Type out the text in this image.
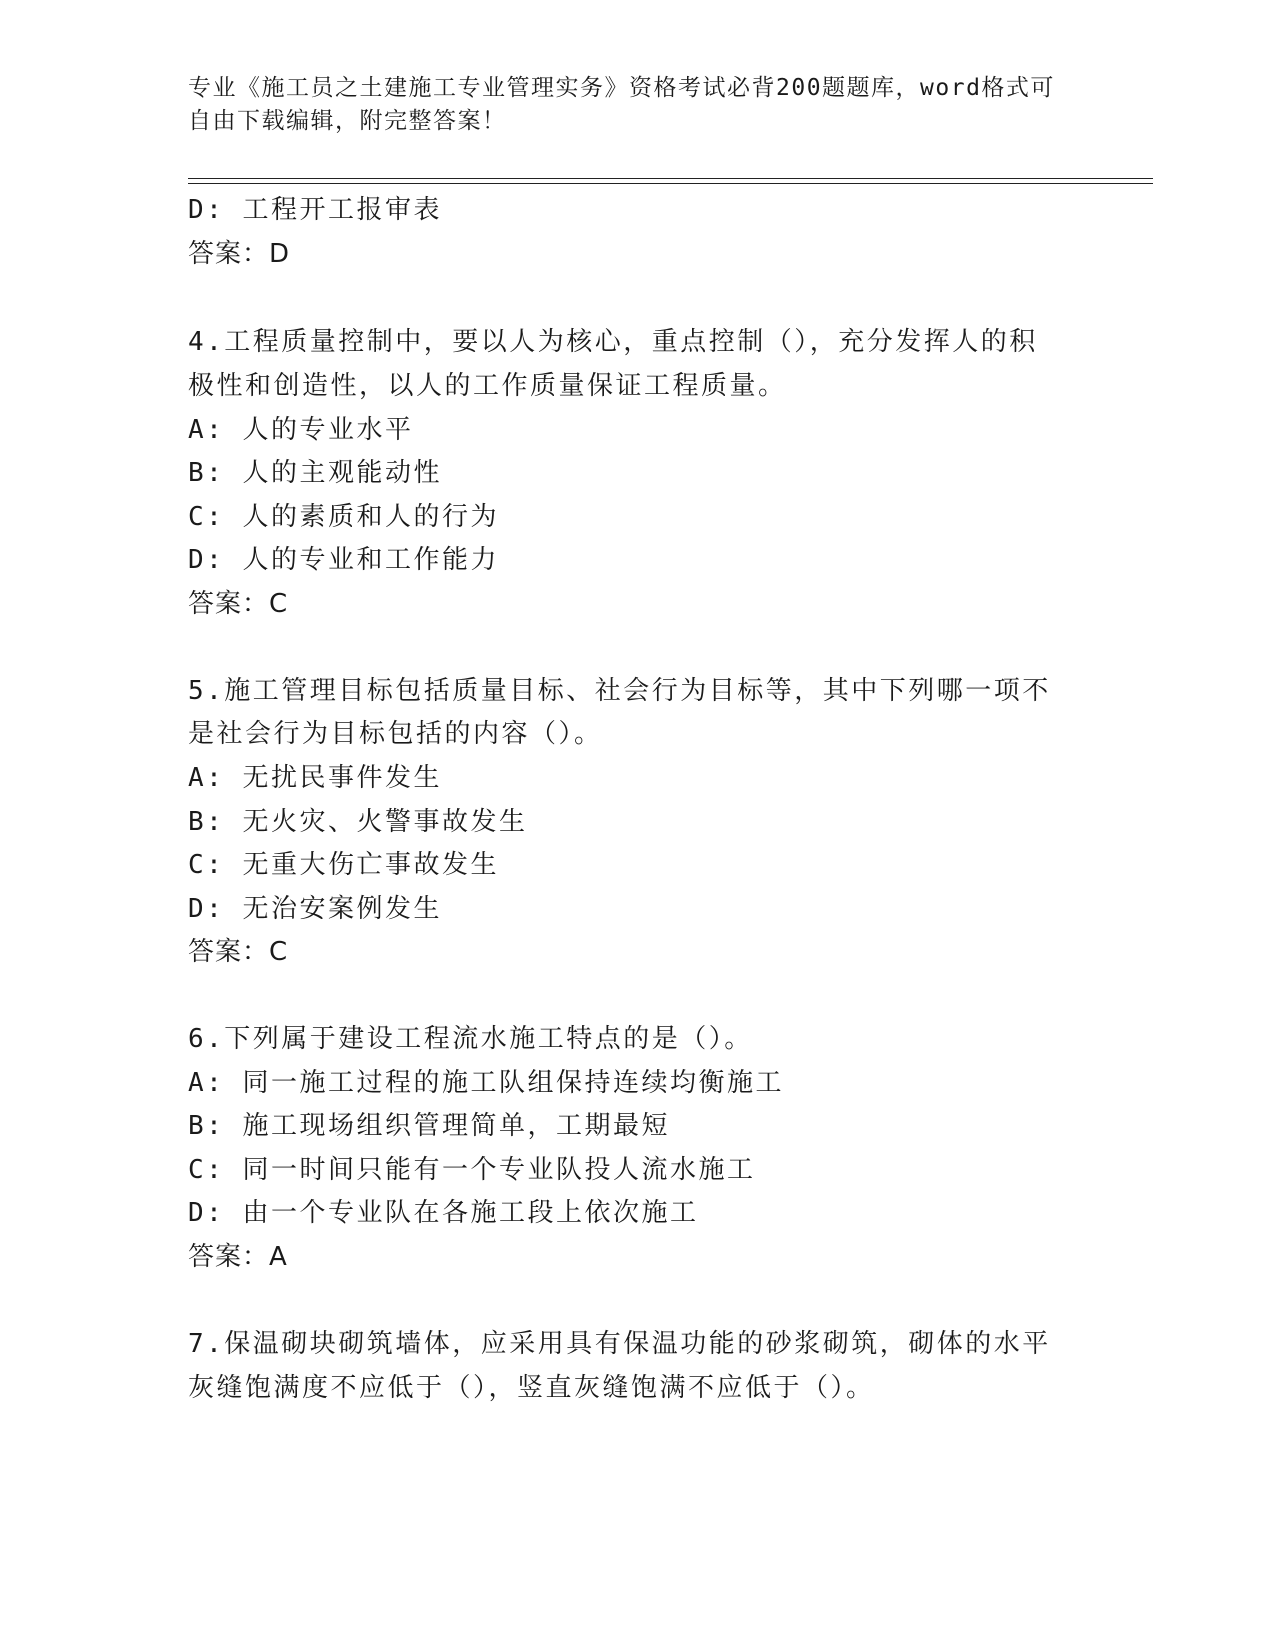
专业《施工员之土建施工专业管理实务》资格考试必背200题题库，word格式可
自由下载编辑，附完整答案！
D: 工程开工报审表
答案：D
4.工程质量控制中，要以人为核心，重点控制（），充分发挥人的积
极性和创造性，以人的工作质量保证工程质量。
A: 人的专业水平
B: 人的主观能动性
C: 人的素质和人的行为
D: 人的专业和工作能力
答案：C
5.施工管理目标包括质量目标、社会行为目标等，其中下列哪一项不
是社会行为目标包括的内容（）。
A: 无扰民事件发生
B: 无火灾、火警事故发生
C: 无重大伤亡事故发生
D: 无治安案例发生
答案：C
6.下列属于建设工程流水施工特点的是（）。
A: 同一施工过程的施工队组保持连续均衡施工
B: 施工现场组织管理简单，工期最短
C: 同一时间只能有一个专业队投人流水施工
D: 由一个专业队在各施工段上依次施工
答案：A
7.保温砌块砌筑墙体，应采用具有保温功能的砂浆砌筑，砌体的水平
灰缝饱满度不应低于（），竖直灰缝饱满不应低于（）。
